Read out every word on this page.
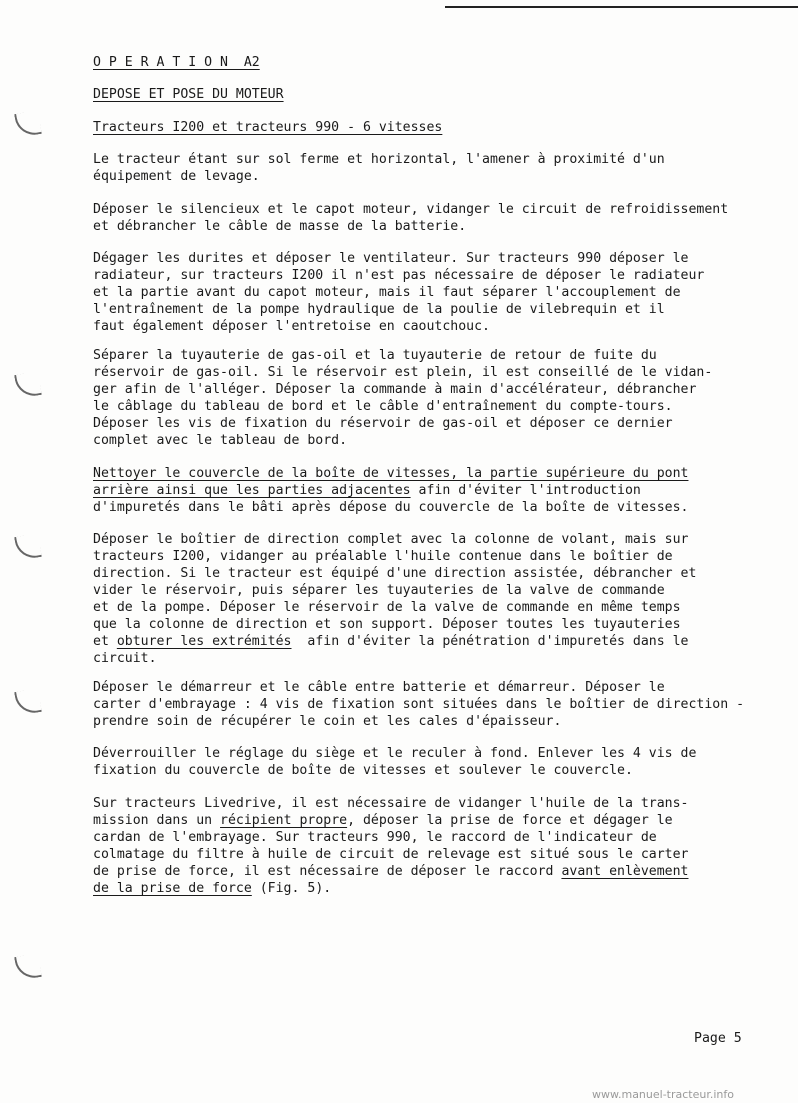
O P E R A T I O N  A2
DEPOSE ET POSE DU MOTEUR
Tracteurs I200 et tracteurs 990 - 6 vitesses
Le tracteur étant sur sol ferme et horizontal, l'amener à proximité d'un
équipement de levage.
Déposer le silencieux et le capot moteur, vidanger le circuit de refroidissement
et débrancher le câble de masse de la batterie.
Dégager les durites et déposer le ventilateur. Sur tracteurs 990 déposer le
radiateur, sur tracteurs I200 il n'est pas nécessaire de déposer le radiateur
et la partie avant du capot moteur, mais il faut séparer l'accouplement de
l'entraînement de la pompe hydraulique de la poulie de vilebrequin et il
faut également déposer l'entretoise en caoutchouc.
Séparer la tuyauterie de gas-oil et la tuyauterie de retour de fuite du
réservoir de gas-oil. Si le réservoir est plein, il est conseillé de le vidan-
ger afin de l'alléger. Déposer la commande à main d'accélérateur, débrancher
le câblage du tableau de bord et le câble d'entraînement du compte-tours.
Déposer les vis de fixation du réservoir de gas-oil et déposer ce dernier
complet avec le tableau de bord.
Nettoyer le couvercle de la boîte de vitesses, la partie supérieure du pont
arrière ainsi que les parties adjacentes afin d'éviter l'introduction
d'impuretés dans le bâti après dépose du couvercle de la boîte de vitesses.
Déposer le boîtier de direction complet avec la colonne de volant, mais sur
tracteurs I200, vidanger au préalable l'huile contenue dans le boîtier de
direction. Si le tracteur est équipé d'une direction assistée, débrancher et
vider le réservoir, puis séparer les tuyauteries de la valve de commande
et de la pompe. Déposer le réservoir de la valve de commande en même temps
que la colonne de direction et son support. Déposer toutes les tuyauteries
et obturer les extrémités  afin d'éviter la pénétration d'impuretés dans le
circuit.
Déposer le démarreur et le câble entre batterie et démarreur. Déposer le
carter d'embrayage : 4 vis de fixation sont situées dans le boîtier de direction -
prendre soin de récupérer le coin et les cales d'épaisseur.
Déverrouiller le réglage du siège et le reculer à fond. Enlever les 4 vis de
fixation du couvercle de boîte de vitesses et soulever le couvercle.
Sur tracteurs Livedrive, il est nécessaire de vidanger l'huile de la trans-
mission dans un récipient propre, déposer la prise de force et dégager le
cardan de l'embrayage. Sur tracteurs 990, le raccord de l'indicateur de
colmatage du filtre à huile de circuit de relevage est situé sous le carter
de prise de force, il est nécessaire de déposer le raccord avant enlèvement
de la prise de force (Fig. 5).
Page 5
www.manuel-tracteur.info
